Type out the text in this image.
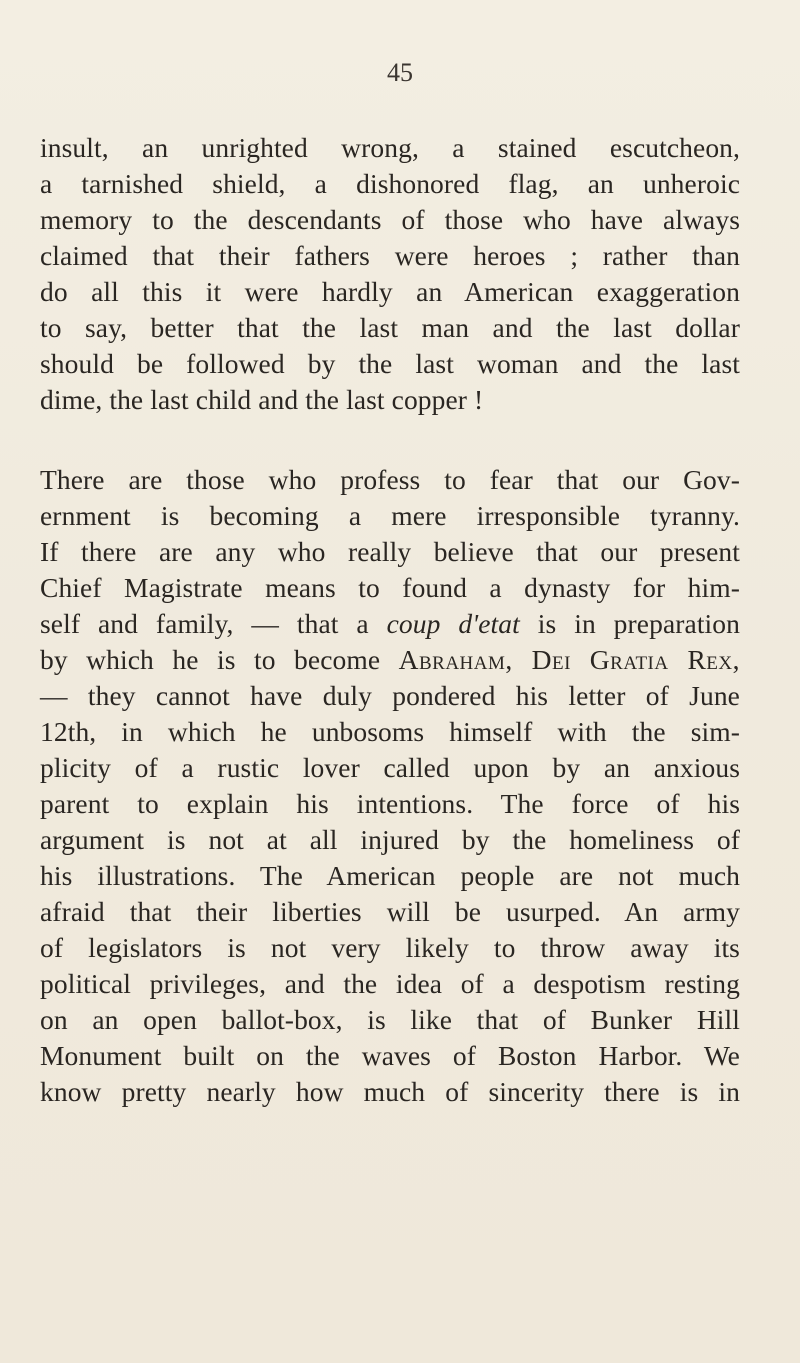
45
insult, an unrighted wrong, a stained escutcheon,
a tarnished shield, a dishonored flag, an unheroic
memory to the descendants of those who have always
claimed that their fathers were heroes ; rather than
do all this it were hardly an American exaggeration
to say, better that the last man and the last dollar
should be followed by the last woman and the last
dime, the last child and the last copper !
There are those who profess to fear that our Gov-
ernment is becoming a mere irresponsible tyranny.
If there are any who really believe that our present
Chief Magistrate means to found a dynasty for him-
self and family, — that a coup d'etat is in preparation
by which he is to become Abraham, Dei Gratia Rex,
— they cannot have duly pondered his letter of June
12th, in which he unbosoms himself with the sim-
plicity of a rustic lover called upon by an anxious
parent to explain his intentions. The force of his
argument is not at all injured by the homeliness of
his illustrations. The American people are not much
afraid that their liberties will be usurped. An army
of legislators is not very likely to throw away its
political privileges, and the idea of a despotism resting
on an open ballot-box, is like that of Bunker Hill
Monument built on the waves of Boston Harbor. We
know pretty nearly how much of sincerity there is in
